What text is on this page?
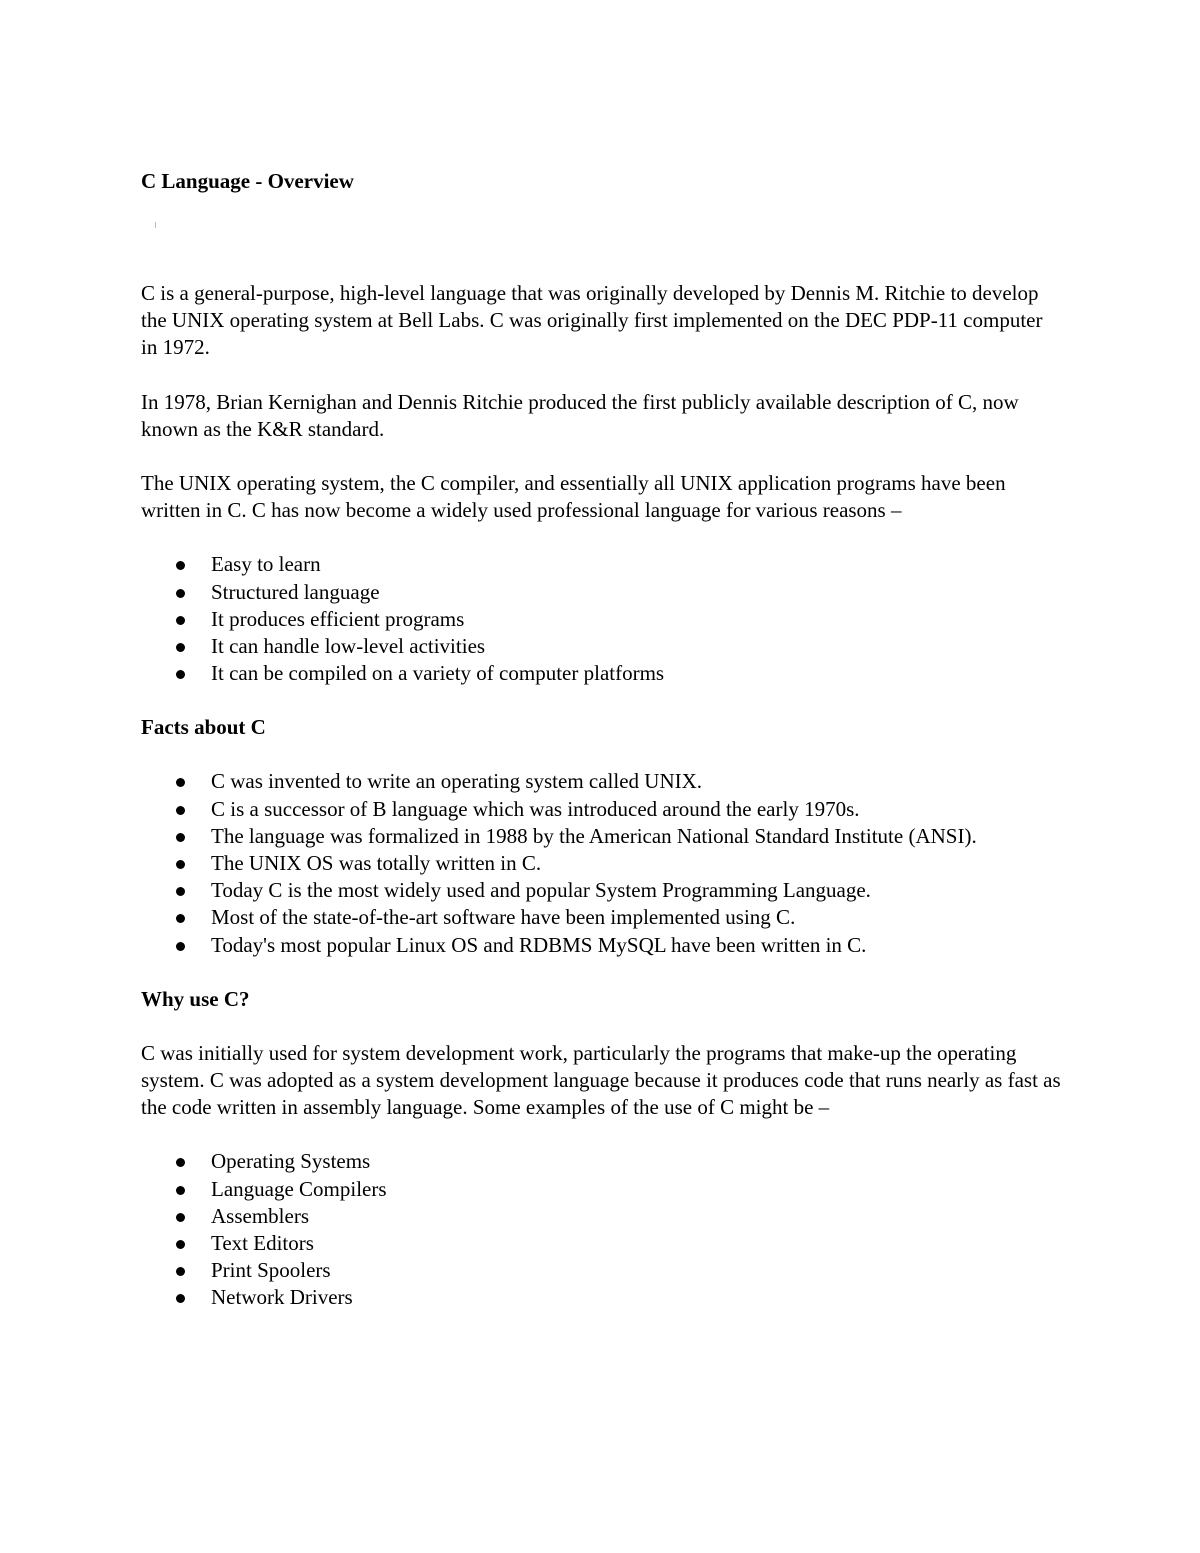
C Language - Overview

C is a general-purpose, high-level language that was originally developed by Dennis M. Ritchie to develop the UNIX operating system at Bell Labs. C was originally first implemented on the DEC PDP-11 computer in 1972.

In 1978, Brian Kernighan and Dennis Ritchie produced the first publicly available description of C, now known as the K&R standard.

The UNIX operating system, the C compiler, and essentially all UNIX application programs have been written in C. C has now become a widely used professional language for various reasons –

Easy to learn
Structured language
It produces efficient programs
It can handle low-level activities
It can be compiled on a variety of computer platforms
Facts about C
C was invented to write an operating system called UNIX.
C is a successor of B language which was introduced around the early 1970s.
The language was formalized in 1988 by the American National Standard Institute (ANSI).
The UNIX OS was totally written in C.
Today C is the most widely used and popular System Programming Language.
Most of the state-of-the-art software have been implemented using C.
Today's most popular Linux OS and RDBMS MySQL have been written in C.
Why use C?

C was initially used for system development work, particularly the programs that make-up the operating system. C was adopted as a system development language because it produces code that runs nearly as fast as the code written in assembly language. Some examples of the use of C might be –

Operating Systems
Language Compilers
Assemblers
Text Editors
Print Spoolers
Network Drivers
